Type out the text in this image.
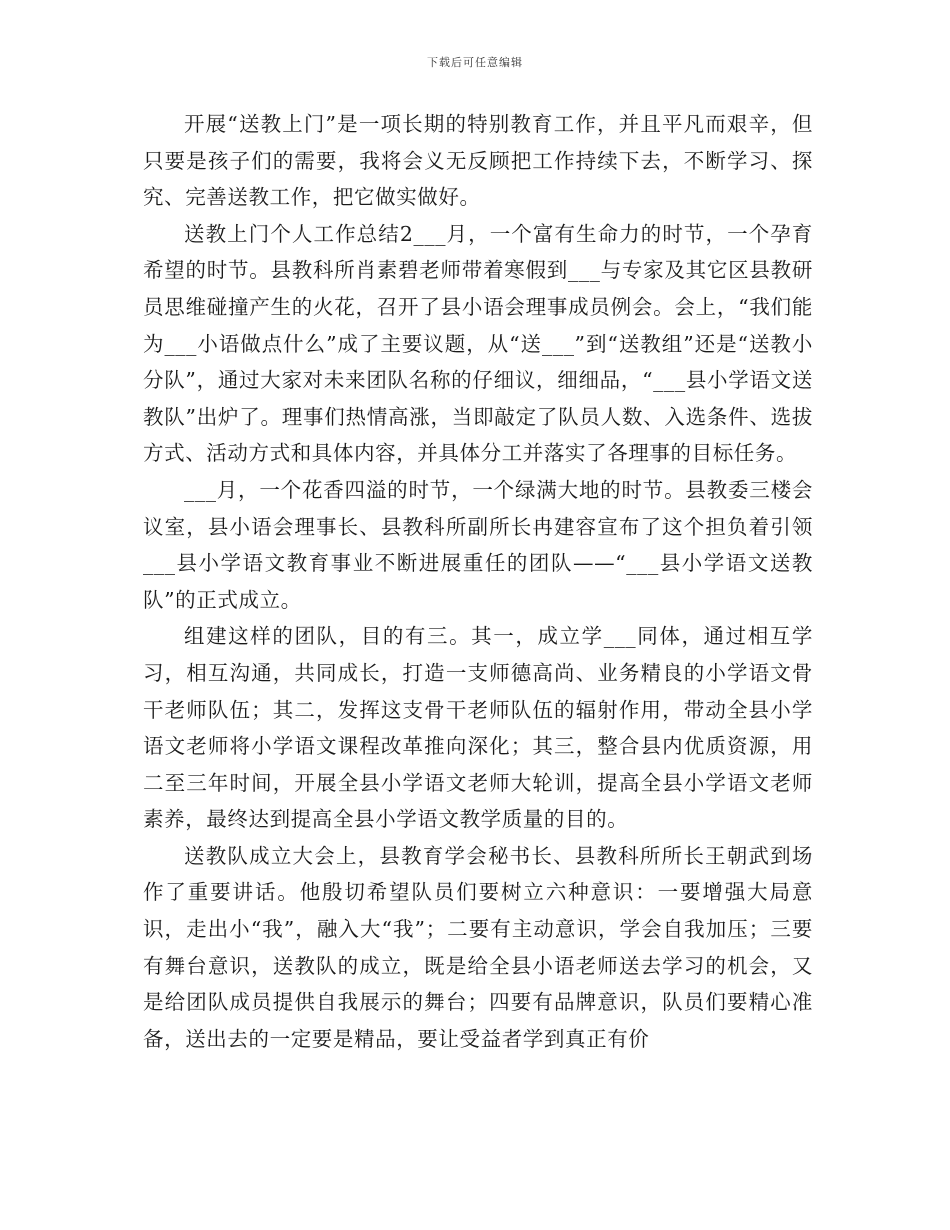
下载后可任意编辑

开展“送教上门”是一项长期的特别教育工作，并且平凡而艰辛，但只要是孩子们的需要，我将会义无反顾把工作持续下去，不断学习、探究、完善送教工作，把它做实做好。

送教上门个人工作总结2___月，一个富有生命力的时节，一个孕育希望的时节。县教科所肖素碧老师带着寒假到___与专家及其它区县教研员思维碰撞产生的火花，召开了县小语会理事成员例会。会上，“我们能为___小语做点什么”成了主要议题，从“送___”到“送教组”还是“送教小分队”，通过大家对未来团队名称的仔细议，细细品，“___县小学语文送教队”出炉了。理事们热情高涨，当即敲定了队员人数、入选条件、选拔方式、活动方式和具体内容，并具体分工并落实了各理事的目标任务。

___月，一个花香四溢的时节，一个绿满大地的时节。县教委三楼会议室，县小语会理事长、县教科所副所长冉建容宣布了这个担负着引领___县小学语文教育事业不断进展重任的团队——“___县小学语文送教队”的正式成立。

组建这样的团队，目的有三。其一，成立学___同体，通过相互学习，相互沟通，共同成长，打造一支师德高尚、业务精良的小学语文骨干老师队伍；其二，发挥这支骨干老师队伍的辐射作用，带动全县小学语文老师将小学语文课程改革推向深化；其三，整合县内优质资源，用二至三年时间，开展全县小学语文老师大轮训，提高全县小学语文老师素养，最终达到提高全县小学语文教学质量的目的。

送教队成立大会上，县教育学会秘书长、县教科所所长王朝武到场作了重要讲话。他殷切希望队员们要树立六种意识：一要增强大局意识，走出小“我”，融入大“我”；二要有主动意识，学会自我加压；三要有舞台意识，送教队的成立，既是给全县小语老师送去学习的机会，又是给团队成员提供自我展示的舞台；四要有品牌意识，队员们要精心准备，送出去的一定要是精品，要让受益者学到真正有价
